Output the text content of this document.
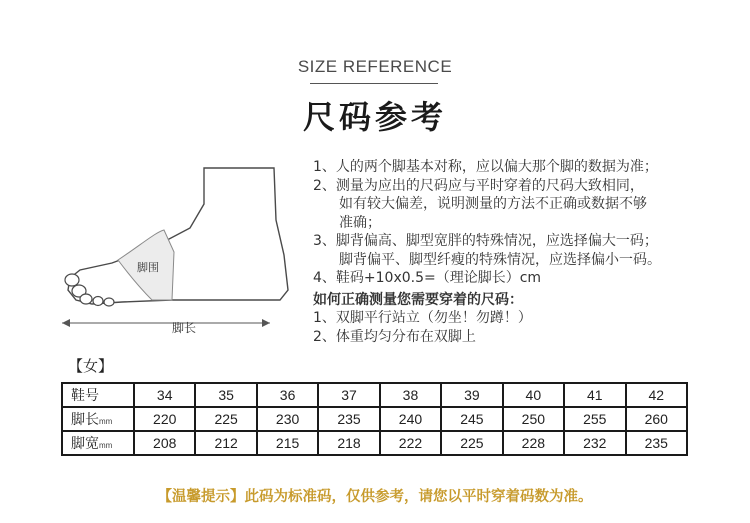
SIZE REFERENCE
尺码参考
脚围
脚长
1、人的两个脚基本对称，应以偏大那个脚的数据为准；
2、测量为应出的尺码应与平时穿着的尺码大致相同，
如有较大偏差，说明测量的方法不正确或数据不够
准确；
3、脚背偏高、脚型宽胖的特殊情况，应选择偏大一码；
脚背偏平、脚型纤瘦的特殊情况，应选择偏小一码。
4、鞋码+10x0.5=（理论脚长）cm
如何正确测量您需要穿着的尺码：
1、双脚平行站立（勿坐！勿蹲！）
2、体重均匀分布在双脚上
【女】
鞋号	34	35	36	37	38	39	40	41	42
脚长mm	220	225	230	235	240	245	250	255	260
脚宽mm	208	212	215	218	222	225	228	232	235
【温馨提示】此码为标准码，仅供参考，请您以平时穿着码数为准。
